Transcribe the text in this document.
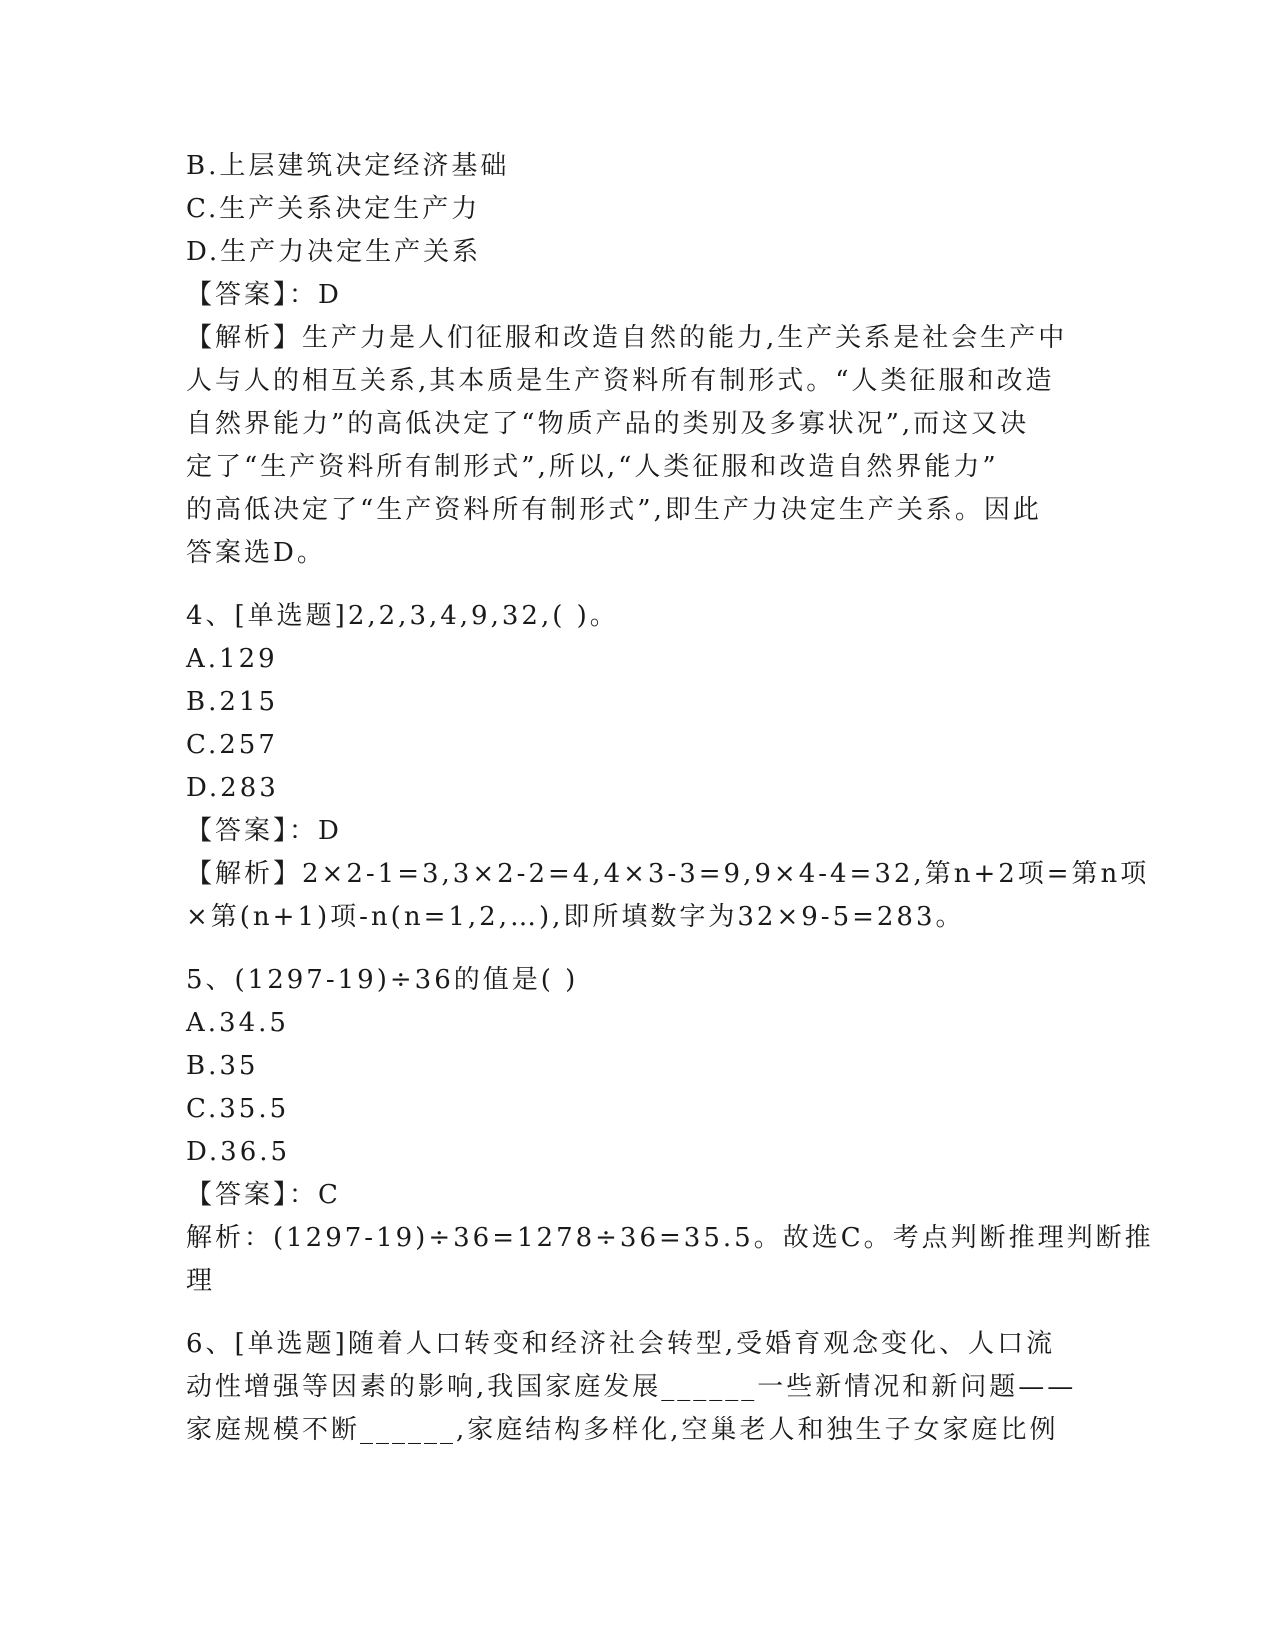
B.上层建筑决定经济基础
C.生产关系决定生产力
D.生产力决定生产关系
【答案】：D
【解析】生产力是人们征服和改造自然的能力,生产关系是社会生产中
人与人的相互关系,其本质是生产资料所有制形式。“人类征服和改造
自然界能力”的高低决定了“物质产品的类别及多寡状况”,而这又决
定了“生产资料所有制形式”,所以,“人类征服和改造自然界能力”
的高低决定了“生产资料所有制形式”,即生产力决定生产关系。因此
答案选D。
4、[单选题]2,2,3,4,9,32,( )。
A.129
B.215
C.257
D.283
【答案】：D
【解析】2×2-1=3,3×2-2=4,4×3-3=9,9×4-4=32,第n+2项=第n项
×第(n+1)项-n(n=1,2,…),即所填数字为32×9-5=283。
5、(1297-19)÷36的值是( )
A.34.5
B.35
C.35.5
D.36.5
【答案】：C
解析：(1297-19)÷36=1278÷36=35.5。故选C。考点判断推理判断推
理
6、[单选题]随着人口转变和经济社会转型,受婚育观念变化、人口流
动性增强等因素的影响,我国家庭发展______一些新情况和新问题——
家庭规模不断______,家庭结构多样化,空巢老人和独生子女家庭比例
